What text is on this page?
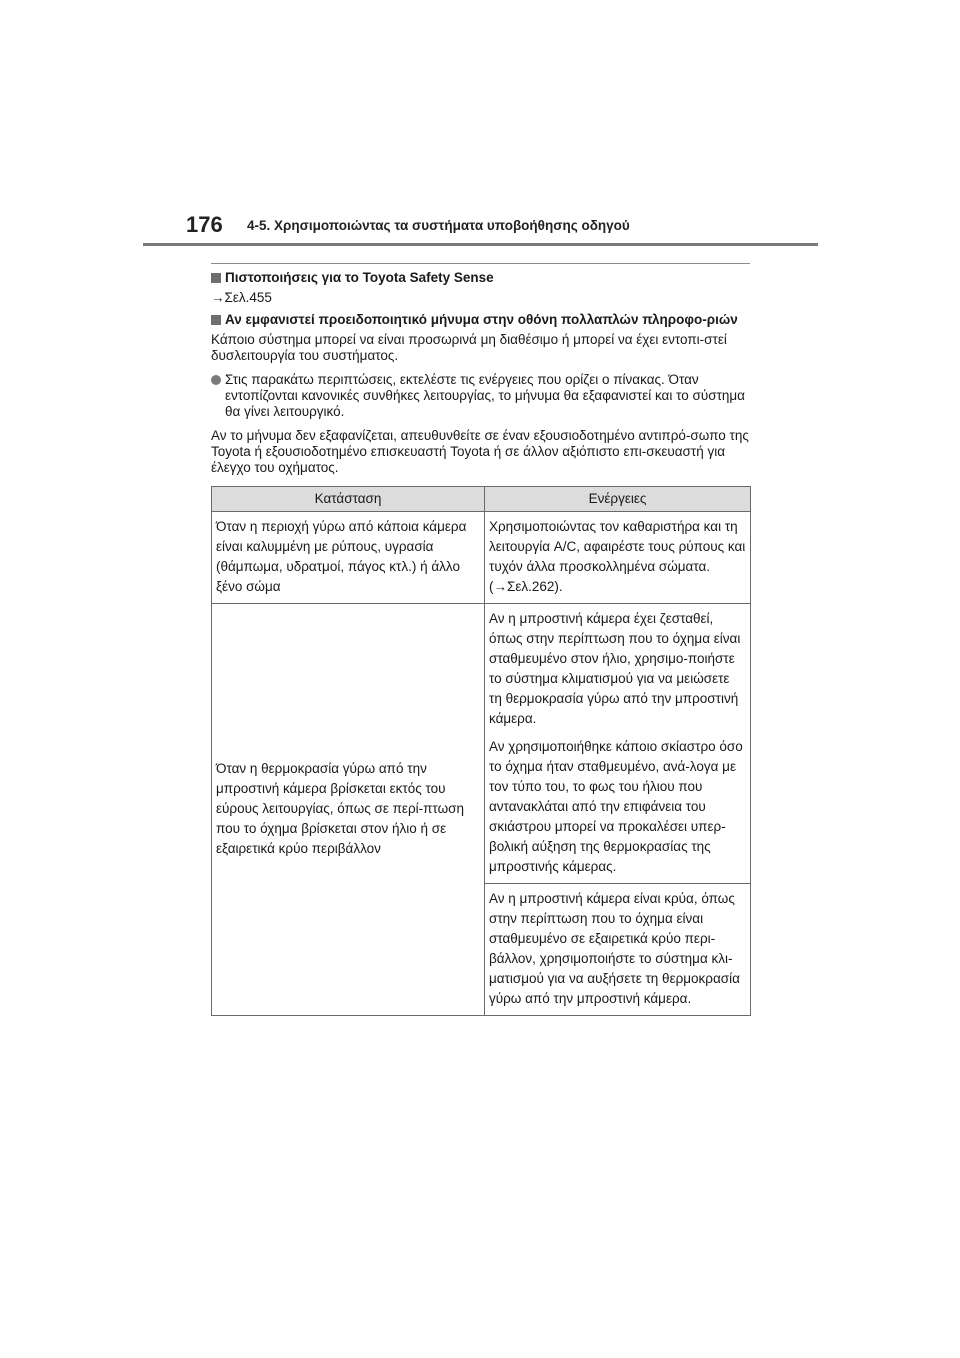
176 4-5. Χρησιμοποιώντας τα συστήματα υποβοήθησης οδηγού
Πιστοποιήσεις για το Toyota Safety Sense
→Σελ.455
Αν εμφανιστεί προειδοποιητικό μήνυμα στην οθόνη πολλαπλών πληροφο-ριών
Κάποιο σύστημα μπορεί να είναι προσωρινά μη διαθέσιμο ή μπορεί να έχει εντοπι-στεί δυσλειτουργία του συστήματος.
Στις παρακάτω περιπτώσεις, εκτελέστε τις ενέργειες που ορίζει ο πίνακας. Όταν εντοπίζονται κανονικές συνθήκες λειτουργίας, το μήνυμα θα εξαφανιστεί και το σύστημα θα γίνει λειτουργικό.
Αν το μήνυμα δεν εξαφανίζεται, απευθυνθείτε σε έναν εξουσιοδοτημένο αντιπρό-σωπο της Toyota ή εξουσιοδοτημένο επισκευαστή Toyota ή σε άλλον αξιόπιστο επι-σκευαστή για έλεγχο του οχήματος.
Κατάσταση	Ενέργειες
Όταν η περιοχή γύρω από κάποια κάμερα είναι καλυμμένη με ρύπους, υγρασία (θάμπωμα, υδρατμοί, πάγος κτλ.) ή άλλο ξένο σώμα	Χρησιμοποιώντας τον καθαριστήρα και τη λειτουργία A/C, αφαιρέστε τους ρύπους και τυχόν άλλα προσκολλημένα σώματα. (→Σελ.262).
Όταν η θερμοκρασία γύρω από την μπροστινή κάμερα βρίσκεται εκτός του εύρους λειτουργίας, όπως σε περί-πτωση που το όχημα βρίσκεται στον ήλιο ή σε εξαιρετικά κρύο περιβάλλον	Αν η μπροστινή κάμερα έχει ζεσταθεί, όπως στην περίπτωση που το όχημα είναι σταθμευμένο στον ήλιο, χρησιμο-ποιήστε το σύστημα κλιματισμού για να μειώσετε τη θερμοκρασία γύρω από την μπροστινή κάμερα.
Αν χρησιμοποιήθηκε κάποιο σκίαστρο όσο το όχημα ήταν σταθμευμένο, ανά-λογα με τον τύπο του, το φως του ήλιου που αντανακλάται από την επιφάνεια του σκιάστρου μπορεί να προκαλέσει υπερ-βολική αύξηση της θερμοκρασίας της μπροστινής κάμερας.

	Αν η μπροστινή κάμερα είναι κρύα, όπως στην περίπτωση που το όχημα είναι σταθμευμένο σε εξαιρετικά κρύο περι-βάλλον, χρησιμοποιήστε το σύστημα κλι-ματισμού για να αυξήσετε τη θερμοκρασία γύρω από την μπροστινή κάμερα.
